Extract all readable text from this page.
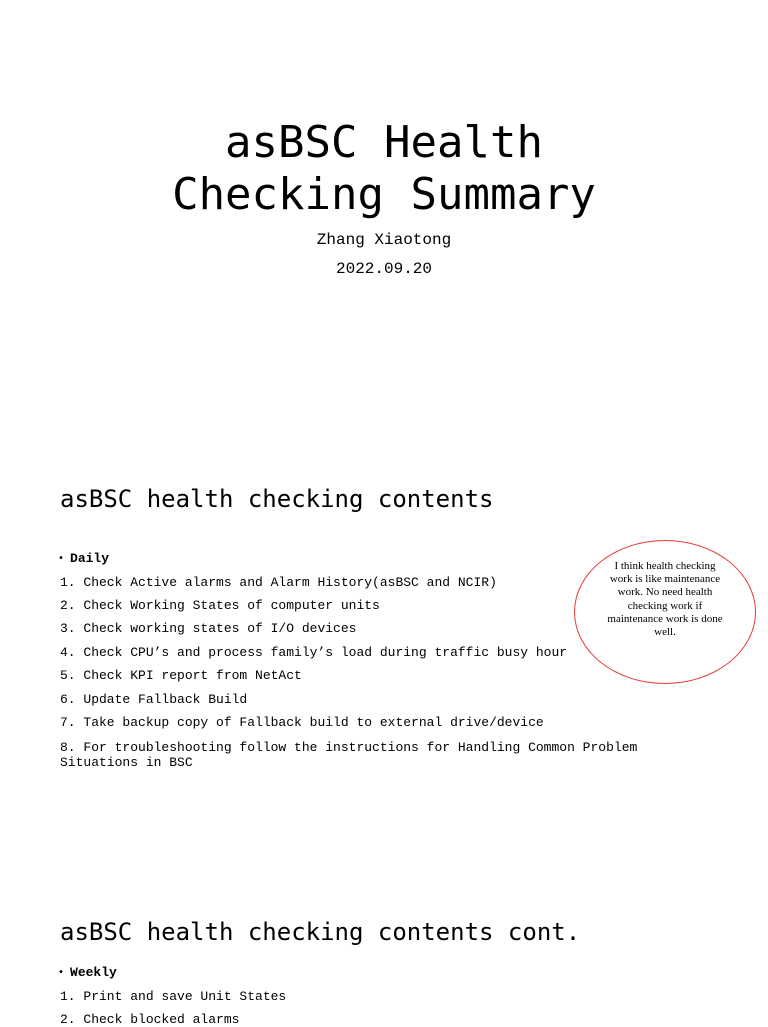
asBSC Health
Checking Summary
Zhang Xiaotong
2022.09.20
asBSC health checking contents
• Daily
1. Check Active alarms and Alarm History(asBSC and NCIR)
2. Check Working States of computer units
3. Check working states of I/O devices
4. Check CPU’s and process family’s load during traffic busy hour
5. Check KPI report from NetAct
6. Update Fallback Build
7. Take backup copy of Fallback build to external drive/device
8. For troubleshooting follow the instructions for Handling Common Problem Situations in BSC
I think health checking work is like maintenance work. No need health checking work if maintenance work is done well.
asBSC health checking contents cont.
• Weekly
1. Print and save Unit States
2. Check blocked alarms
